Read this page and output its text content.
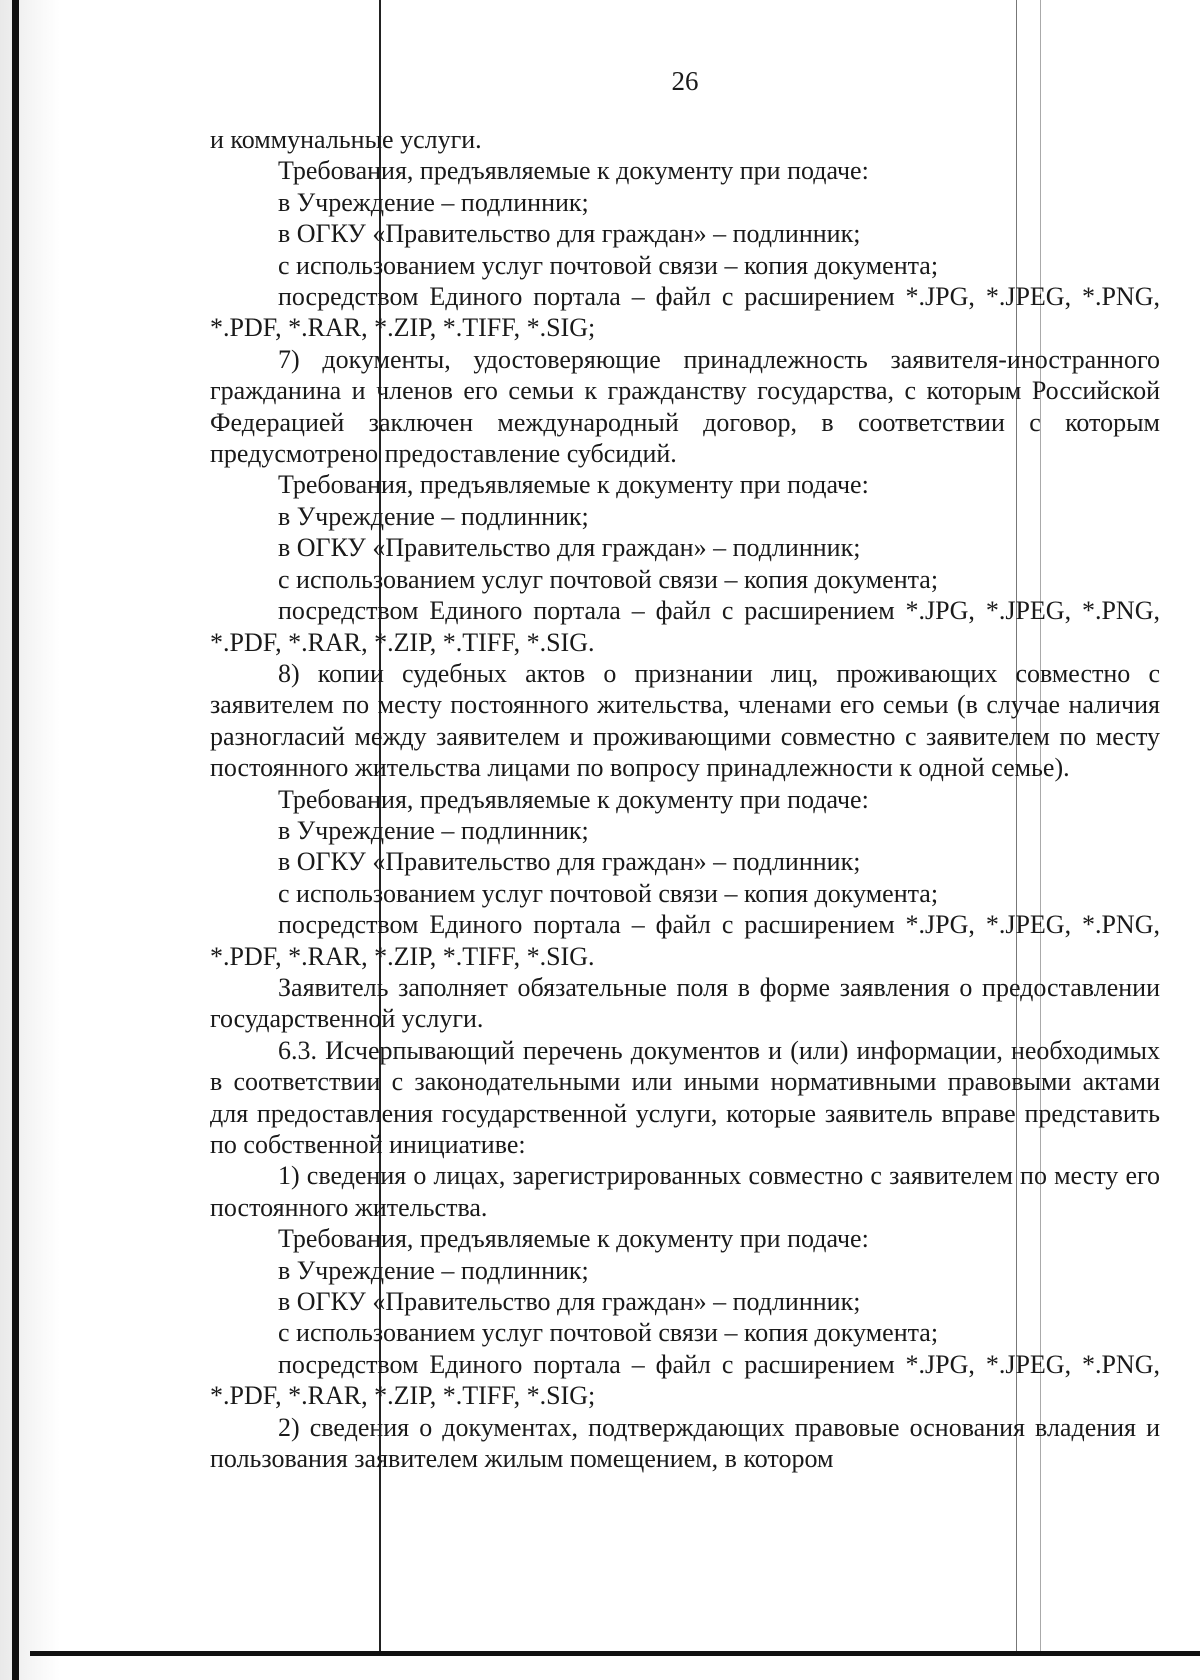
26

и коммунальные услуги.

Требования, предъявляемые к документу при подаче:

в Учреждение – подлинник;

в ОГКУ «Правительство для граждан» – подлинник;

с использованием услуг почтовой связи – копия документа;

посредством Единого портала – файл с расширением *.JPG, *.JPEG, *.PNG, *.PDF, *.RAR, *.ZIP, *.TIFF, *.SIG;

7) документы, удостоверяющие принадлежность заявителя-иностранного гражданина и членов его семьи к гражданству государства, с которым Российской Федерацией заключен международный договор, в соответствии с которым предусмотрено предоставление субсидий.

Требования, предъявляемые к документу при подаче:

в Учреждение – подлинник;

в ОГКУ «Правительство для граждан» – подлинник;

с использованием услуг почтовой связи – копия документа;

посредством Единого портала – файл с расширением *.JPG, *.JPEG, *.PNG, *.PDF, *.RAR, *.ZIP, *.TIFF, *.SIG.

8) копии судебных актов о признании лиц, проживающих совместно с заявителем по месту постоянного жительства, членами его семьи (в случае наличия разногласий между заявителем и проживающими совместно с заявителем по месту постоянного жительства лицами по вопросу принадлежности к одной семье).

Требования, предъявляемые к документу при подаче:

в Учреждение – подлинник;

в ОГКУ «Правительство для граждан» – подлинник;

с использованием услуг почтовой связи – копия документа;

посредством Единого портала – файл с расширением *.JPG, *.JPEG, *.PNG, *.PDF, *.RAR, *.ZIP, *.TIFF, *.SIG.

Заявитель заполняет обязательные поля в форме заявления о предоставлении государственной услуги.

6.3. Исчерпывающий перечень документов и (или) информации, необходимых в соответствии с законодательными или иными нормативными правовыми актами для предоставления государственной услуги, которые заявитель вправе представить по собственной инициативе:

1) сведения о лицах, зарегистрированных совместно с заявителем по месту его постоянного жительства.

Требования, предъявляемые к документу при подаче:

в Учреждение – подлинник;

в ОГКУ «Правительство для граждан» – подлинник;

с использованием услуг почтовой связи – копия документа;

посредством Единого портала – файл с расширением *.JPG, *.JPEG, *.PNG, *.PDF, *.RAR, *.ZIP, *.TIFF, *.SIG;

2) сведения о документах, подтверждающих правовые основания владения и пользования заявителем жилым помещением, в котором
